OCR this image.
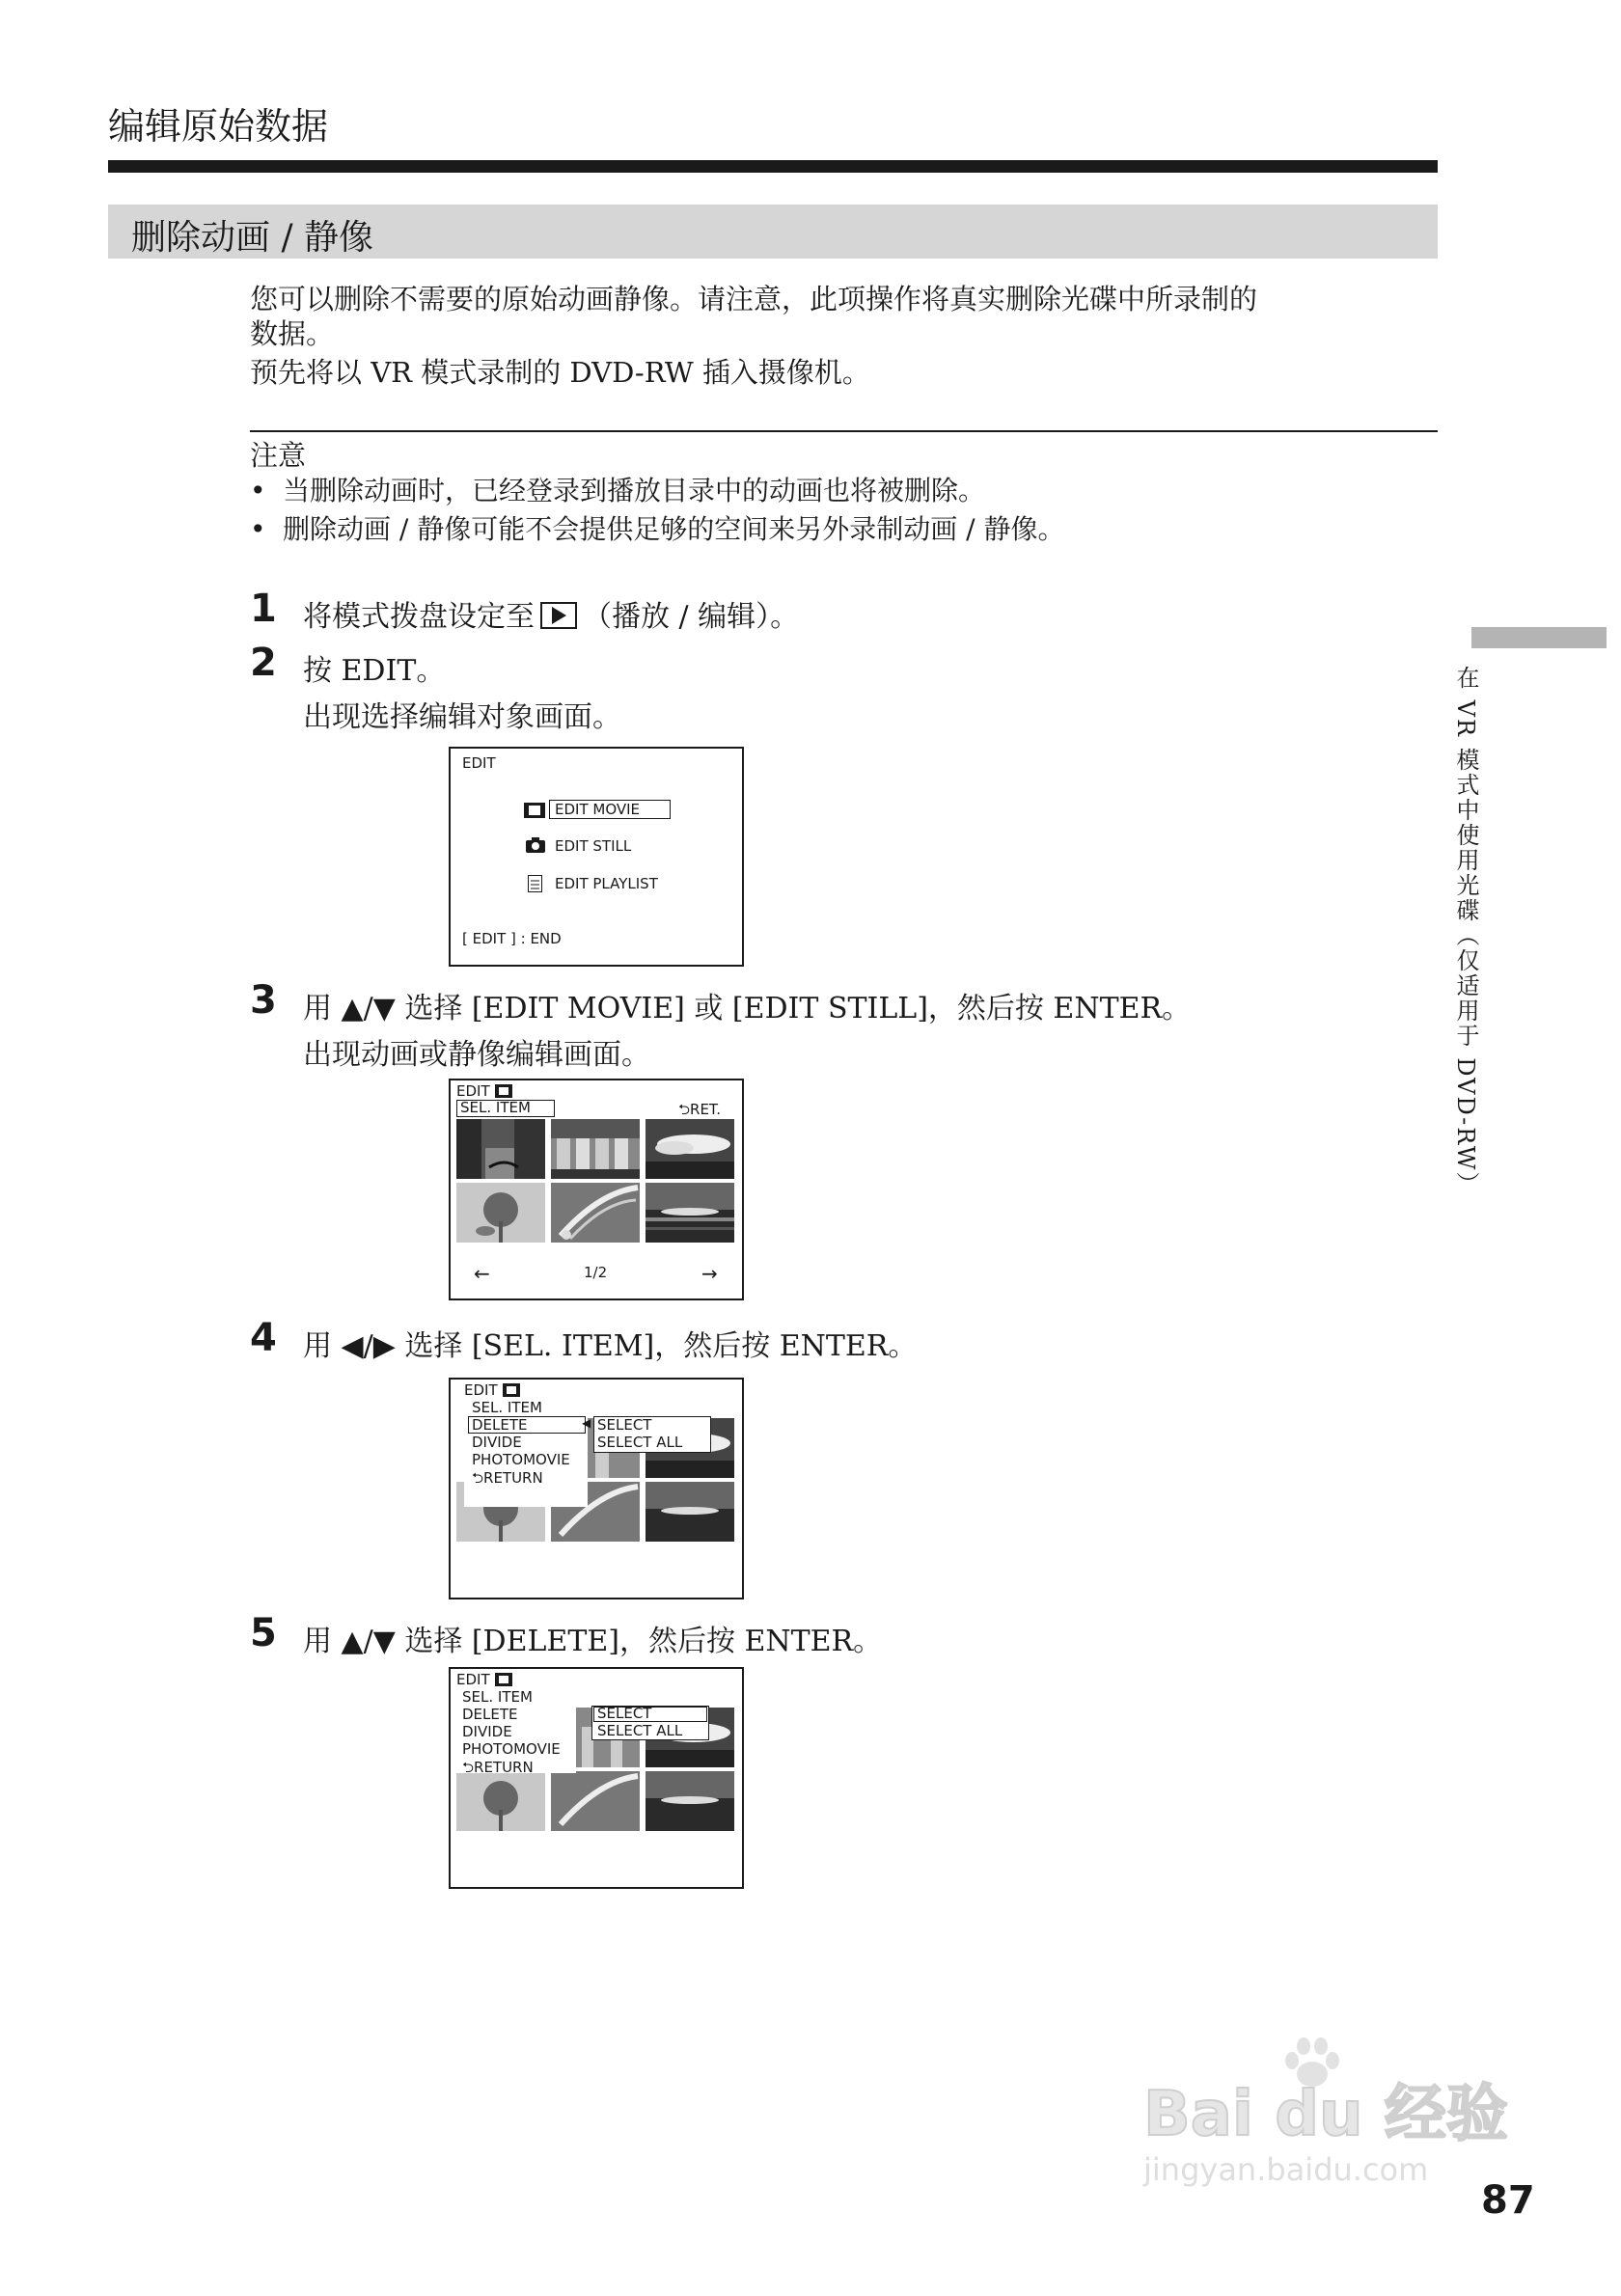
编辑原始数据
删除动画 / 静像
您可以删除不需要的原始动画静像。请注意，此项操作将真实删除光碟中所录制的
数据。
预先将以 VR 模式录制的 DVD-RW 插入摄像机。
注意
• 当删除动画时，已经登录到播放目录中的动画也将被删除。
• 删除动画 / 静像可能不会提供足够的空间来另外录制动画 / 静像。
1 将模式拨盘设定至 （播放 / 编辑）。
2 按 EDIT。
出现选择编辑对象画面。
EDIT
EDIT MOVIE
EDIT STILL
EDIT PLAYLIST
[ EDIT ] : END
3 用 ▲/▼ 选择 [EDIT MOVIE] 或 [EDIT STILL]，然后按 ENTER。
出现动画或静像编辑画面。
EDIT
SEL. ITEM	⮌RET.
←	1/2	→
4 用 ◀/▶ 选择 [SEL. ITEM]，然后按 ENTER。
EDIT
SEL. ITEM
DELETE
DIVIDE
PHOTOMOVIE
⮌RETURN
◀ SELECT
SELECT ALL
5 用 ▲/▼ 选择 [DELETE]，然后按 ENTER。
EDIT
SEL. ITEM
DELETE
DIVIDE
PHOTOMOVIE
⮌RETURN
SELECT
SELECT ALL
在 VR 模式中使用光碟（仅适用于 DVD-RW）
Bai du 经验
jingyan.baidu.com
87
